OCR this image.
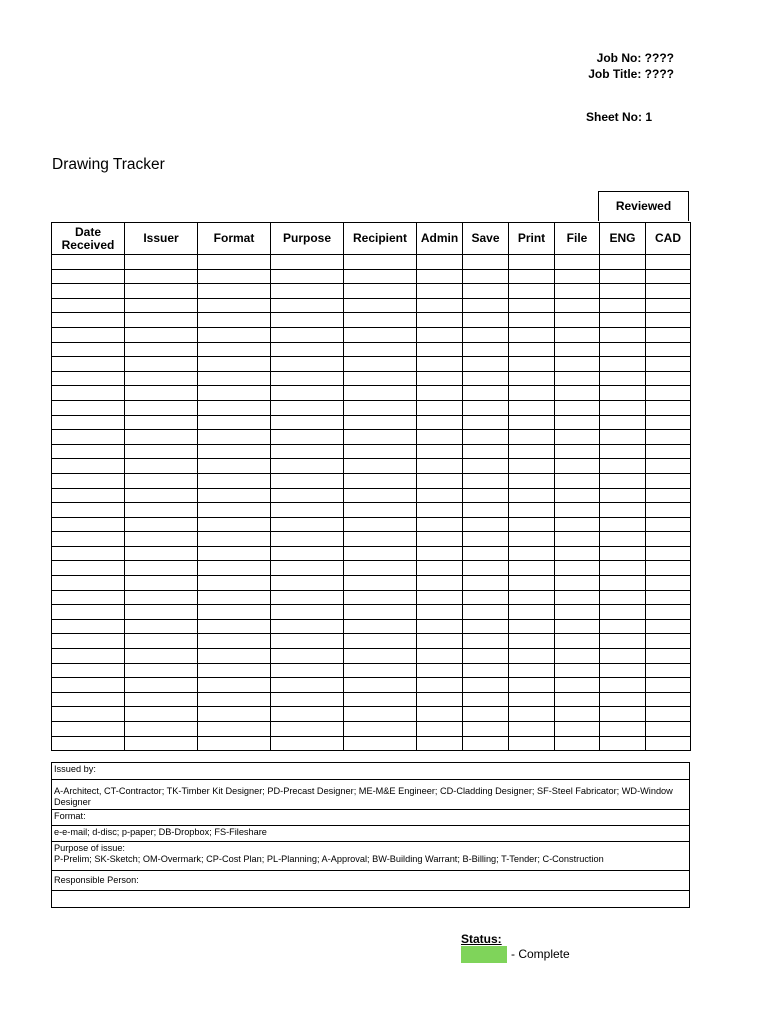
Job No: ????
Job Title: ????
Sheet No: 1
Drawing Tracker
Reviewed
Date Received	Issuer	Format	Purpose	Recipient	Admin	Save	Print	File	ENG	CAD

Issued by:
A-Architect, CT-Contractor; TK-Timber Kit Designer; PD-Precast Designer; ME-M&E Engineer; CD-Cladding Designer; SF-Steel Fabricator; WD-Window Designer
Format:
e-e-mail; d-disc; p-paper; DB-Dropbox; FS-Fileshare

Purpose of issue:
P-Prelim; SK-Sketch; OM-Overmark; CP-Cost Plan; PL-Planning; A-Approval; BW-Building Warrant; B-Billing; T-Tender; C-Construction

Responsible Person:

Status:
- Complete
